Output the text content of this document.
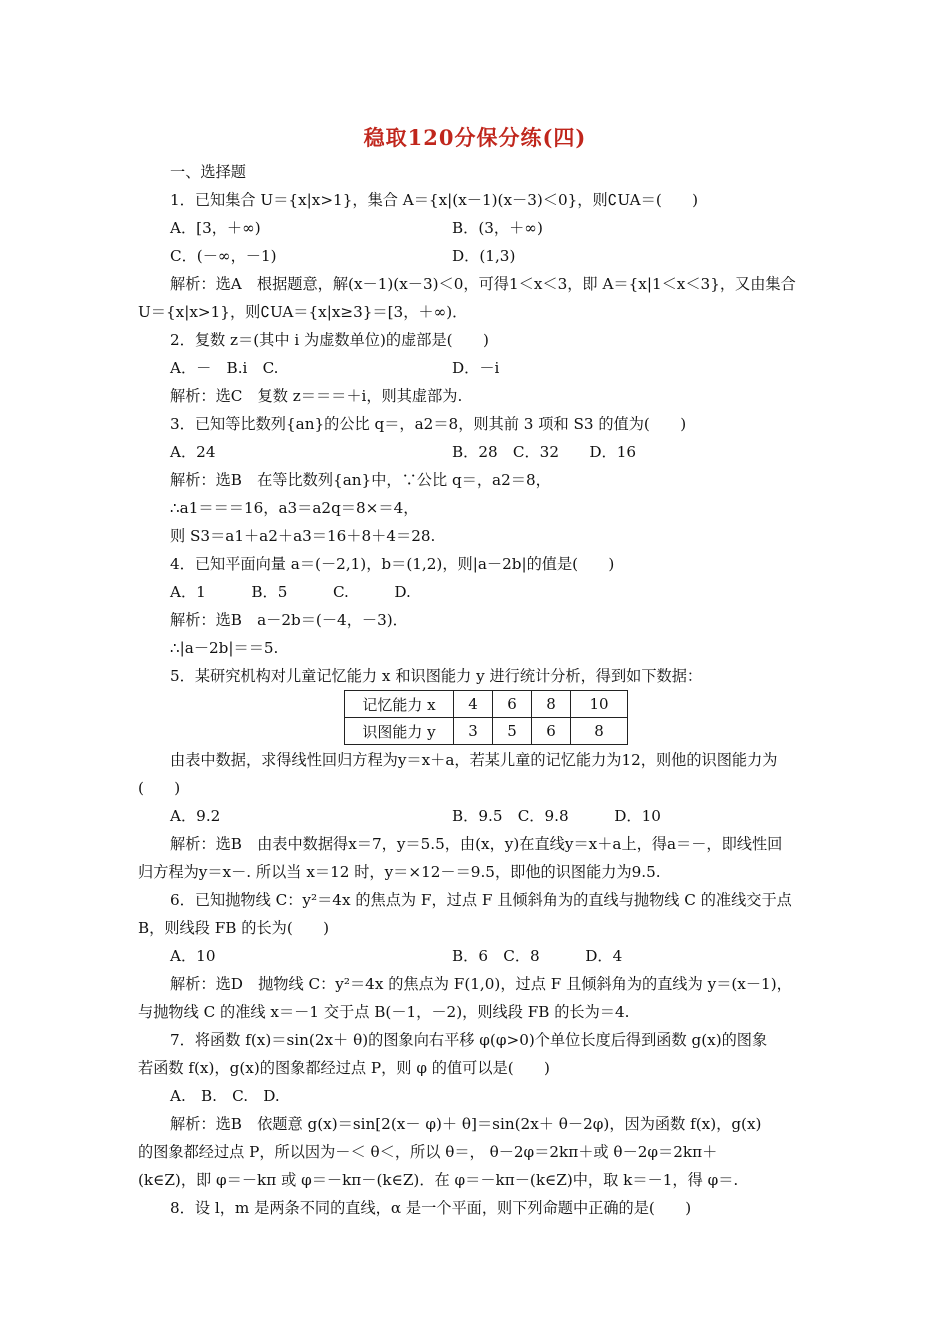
稳取120分保分练(四)
一、选择题
1．已知集合 U＝{x|x>1}，集合 A＝{x|(x－1)(x－3)＜0}，则∁UA＝(　　)
A．[3，＋∞)	B．(3，＋∞)
C．(－∞，－1)	D．(1,3)
解析：选A　根据题意，解(x－1)(x－3)＜0，可得1＜x＜3，即 A＝{x|1＜x＜3}，又由集合
U＝{x|x>1}，则∁UA＝{x|x≥3}＝[3，＋∞)．
2．复数 z＝(其中 i 为虚数单位)的虚部是(　　)
A．－　B.i　C.	D．－i
解析：选C　复数 z＝＝＝＋i，则其虚部为.
3．已知等比数列{an}的公比 q＝，a2＝8，则其前 3 项和 S3 的值为(　　)
A．24	B．28　C．32　　D．16
解析：选B　在等比数列{an}中，∵公比 q＝，a2＝8，
∴a1＝＝＝16，a3＝a2q＝8×＝4，
则 S3＝a1＋a2＋a3＝16＋8＋4＝28.
4．已知平面向量 a＝(－2,1)，b＝(1,2)，则|a－2b|的值是(　　)
A．1　　　B．5　　　C.　　　D.
解析：选B　a－2b＝(－4，－3)．
∴|a－2b|＝＝5.
5．某研究机构对儿童记忆能力 x 和识图能力 y 进行统计分析，得到如下数据：
记忆能力 x	4	6	8	10
识图能力 y	3	5	6	8
由表中数据，求得线性回归方程为y＝x＋a，若某儿童的记忆能力为12，则他的识图能力为
(　　)
A．9.2	B．9.5　C．9.8　　　D．10
解析：选B　由表中数据得x＝7，y＝5.5，由(x，y)在直线y＝x＋a上，得a＝－，即线性回
归方程为y＝x－. 所以当 x＝12 时，y＝×12－＝9.5，即他的识图能力为9.5.
6．已知抛物线 C：y²＝4x 的焦点为 F，过点 F 且倾斜角为的直线与抛物线 C 的准线交于点
B，则线段 FB 的长为(　　)
A．10	B．6　C．8　　　D．4
解析：选D　抛物线 C：y²＝4x 的焦点为 F(1,0)，过点 F 且倾斜角为的直线为 y＝(x－1)，
与抛物线 C 的准线 x＝－1 交于点 B(－1，－2)，则线段 FB 的长为＝4.
7．将函数 f(x)＝sin(2x＋ θ)的图象向右平移 φ(φ>0)个单位长度后得到函数 g(x)的图象
若函数 f(x)，g(x)的图象都经过点 P，则 φ 的值可以是(　　)
A.　B.　C.　D.
解析：选B　依题意 g(x)＝sin[2(x－ φ)＋ θ]＝sin(2x＋ θ－2φ)，因为函数 f(x)，g(x)
的图象都经过点 P，所以因为－＜ θ＜，所以 θ＝， θ－2φ＝2kπ＋或 θ－2φ＝2kπ＋
(k∈Z)，即 φ＝－kπ 或 φ＝－kπ－(k∈Z)．在 φ＝－kπ－(k∈Z)中，取 k＝－1，得 φ＝.
8．设 l，m 是两条不同的直线，α 是一个平面，则下列命题中正确的是(　　)
